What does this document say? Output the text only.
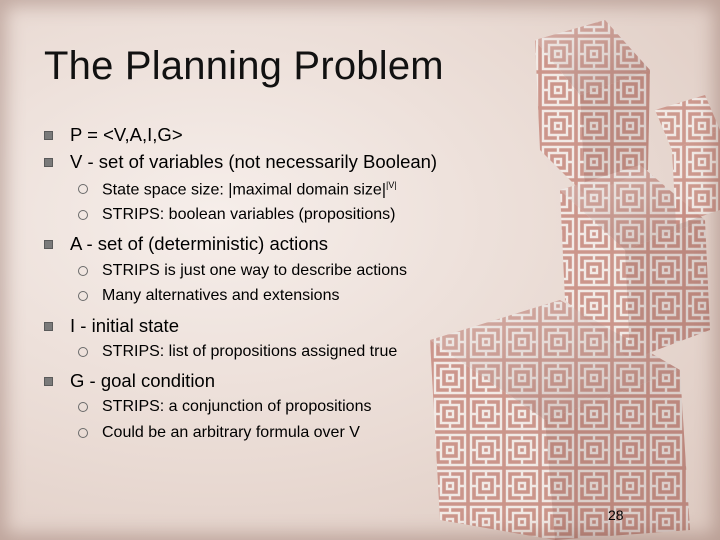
The Planning Problem
P = <V,A,I,G>
V - set of variables (not necessarily Boolean)
State space size: |maximal domain $size|^{|V|}$
STRIPS: boolean variables (propositions)
A - set of (deterministic) actions
STRIPS is just one way to describe actions
Many alternatives and extensions
I - initial state
STRIPS: list of propositions assigned true
G - goal condition
STRIPS: a conjunction of propositions
Could be an arbitrary formula over V
28
